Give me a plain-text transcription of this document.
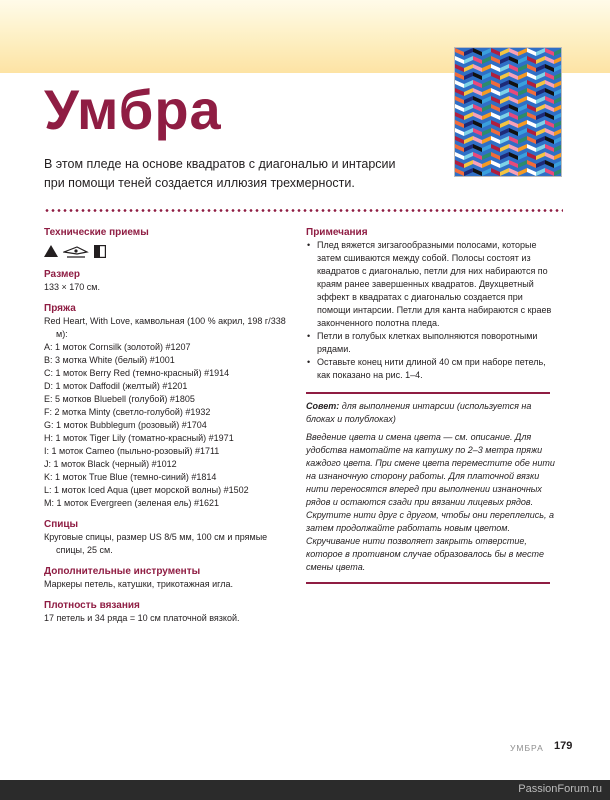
Умбра
В этом пледе на основе квадратов с диагональю и интарсии
при помощи теней создается иллюзия трехмерности.
Технические приемы
Размер
133 × 170 см.
Пряжа
Red Heart, With Love, камвольная (100 % акрил, 198 г/338 м):
A: 1 моток Cornsilk (золотой) #1207
B: 3 мотка White (белый) #1001
C: 1 моток Berry Red (темно-красный) #1914
D: 1 моток Daffodil (желтый) #1201
E: 5 мотков Bluebell (голубой) #1805
F: 2 мотка Minty (светло-голубой) #1932
G: 1 моток Bubblegum (розовый) #1704
H: 1 моток Tiger Lily (томатно-красный) #1971
I: 1 моток Cameo (пыльно-розовый) #1711
J: 1 моток Black (черный) #1012
K: 1 моток True Blue (темно-синий) #1814
L: 1 моток Iced Aqua (цвет морской волны) #1502
M: 1 моток Evergreen (зеленая ель) #1621
Спицы
Круговые спицы, размер US 8/5 мм, 100 см и прямые спицы, 25 см.
Дополнительные инструменты
Маркеры петель, катушки, трикотажная игла.
Плотность вязания
17 петель и 34 ряда = 10 см платочной вязкой.
Примечания
• Плед вяжется зигзагообразными полосами, которые затем сшиваются между собой. Полосы состоят из квадратов с диагональю, петли для них набираются по краям ранее завершенных квадратов. Двухцветный эффект в квадратах с диагональю создается при помощи интарсии. Петли для канта набираются с краев законченного полотна пледа.
• Петли в голубых клетках выполняются поворотными рядами.
• Оставьте конец нити длиной 40 см при наборе петель, как показано на рис. 1–4.

Совет: для выполнения интарсии (используется на блоках и полублоках)

Введение цвета и смена цвета — см. описание. Для удобства намотайте на катушку по 2–3 метра пряжи каждого цвета. При смене цвета переместите обе нити на изнаночную сторону работы. Для платочной вязки нити переносятся вперед при выполнении изнаночных рядов и остаются сзади при вязании лицевых рядов. Скрутите нити друг с другом, чтобы они переплелись, а затем продолжайте работать новым цветом. Скручивание нити позволяет закрыть отверстие, которое в противном случае образовалось бы в месте смены цвета.

УМБРА 179
PassionForum.ru
